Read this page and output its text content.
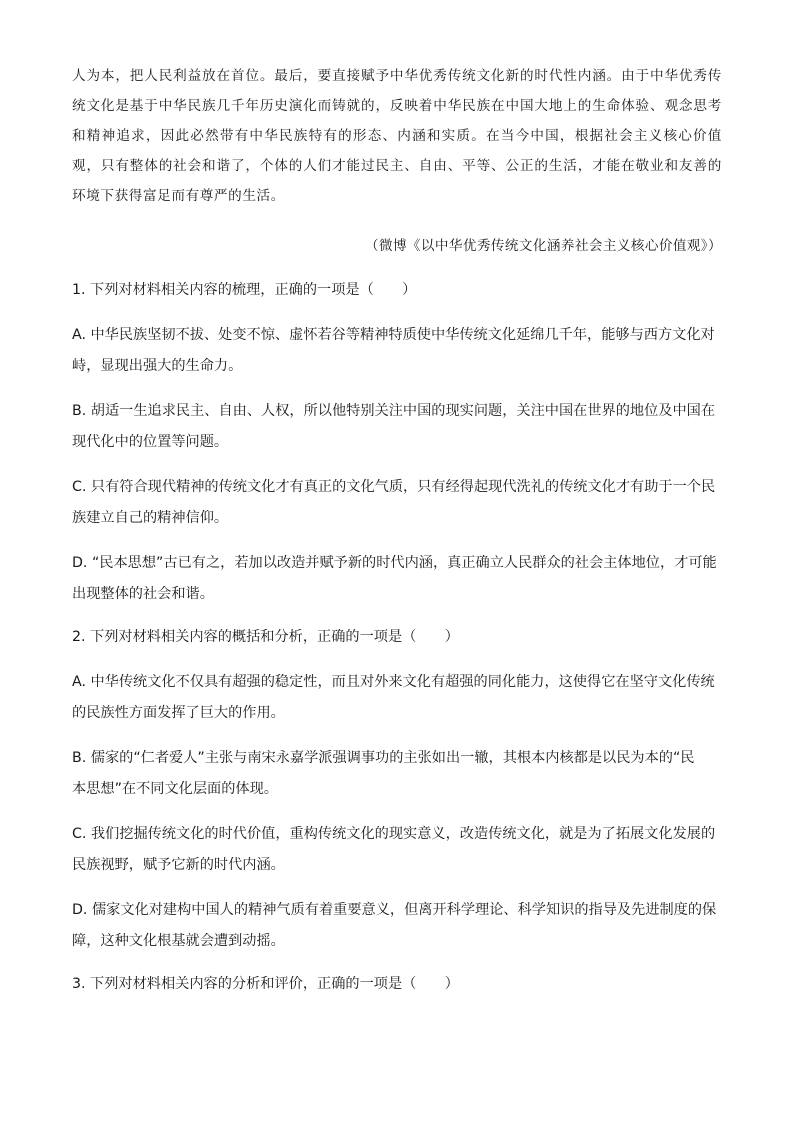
人为本，把人民利益放在首位。最后，要直接赋予中华优秀传统文化新的时代性内涵。由于中华优秀传统文化是基于中华民族几千年历史演化而铸就的，反映着中华民族在中国大地上的生命体验、观念思考和精神追求，因此必然带有中华民族特有的形态、内涵和实质。在当今中国，根据社会主义核心价值观，只有整体的社会和谐了，个体的人们才能过民主、自由、平等、公正的生活，才能在敬业和友善的环境下获得富足而有尊严的生活。

（微博《以中华优秀传统文化涵养社会主义核心价值观》）

1. 下列对材料相关内容的梳理，正确的一项是（　　）

A. 中华民族坚韧不拔、处变不惊、虚怀若谷等精神特质使中华传统文化延绵几千年，能够与西方文化对

峙，显现出强大的生命力。

B. 胡适一生追求民主、自由、人权，所以他特别关注中国的现实问题，关注中国在世界的地位及中国在

现代化中的位置等问题。

C. 只有符合现代精神的传统文化才有真正的文化气质，只有经得起现代洗礼的传统文化才有助于一个民

族建立自己的精神信仰。

D. “民本思想”古已有之，若加以改造并赋予新的时代内涵，真正确立人民群众的社会主体地位，才可能

出现整体的社会和谐。

2. 下列对材料相关内容的概括和分析，正确的一项是（　　）

A. 中华传统文化不仅具有超强的稳定性，而且对外来文化有超强的同化能力，这使得它在坚守文化传统

的民族性方面发挥了巨大的作用。

B. 儒家的“仁者爱人”主张与南宋永嘉学派强调事功的主张如出一辙，其根本内核都是以民为本的“民

本思想”在不同文化层面的体现。

C. 我们挖掘传统文化的时代价值，重构传统文化的现实意义，改造传统文化，就是为了拓展文化发展的

民族视野，赋予它新的时代内涵。

D. 儒家文化对建构中国人的精神气质有着重要意义，但离开科学理论、科学知识的指导及先进制度的保

障，这种文化根基就会遭到动摇。

3. 下列对材料相关内容的分析和评价，正确的一项是（　　）
